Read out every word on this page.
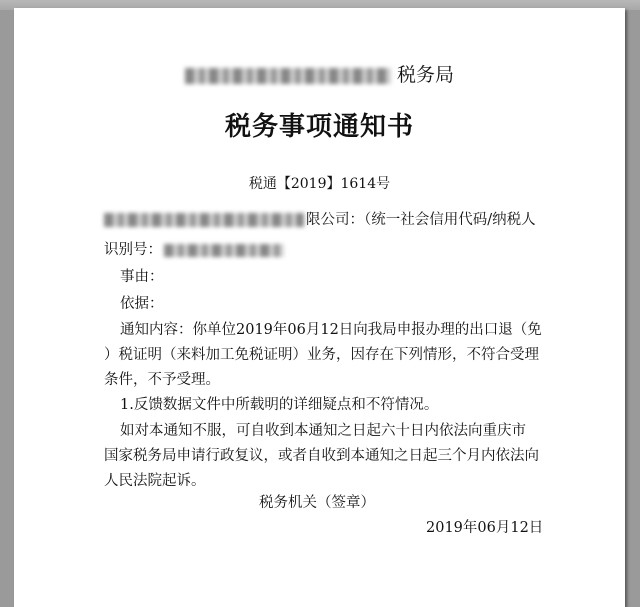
税务局
税务事项通知书
税通【2019】1614号
限公司：（统一社会信用代码/纳税人
识别号：
事由：
依据：
通知内容：你单位2019年06月12日向我局申报办理的出口退（免
）税证明（来料加工免税证明）业务，因存在下列情形，不符合受理
条件，不予受理。
1.反馈数据文件中所载明的详细疑点和不符情况。
如对本通知不服，可自收到本通知之日起六十日内依法向重庆市
国家税务局申请行政复议，或者自收到本通知之日起三个月内依法向
人民法院起诉。
税务机关（签章）
2019年06月12日
